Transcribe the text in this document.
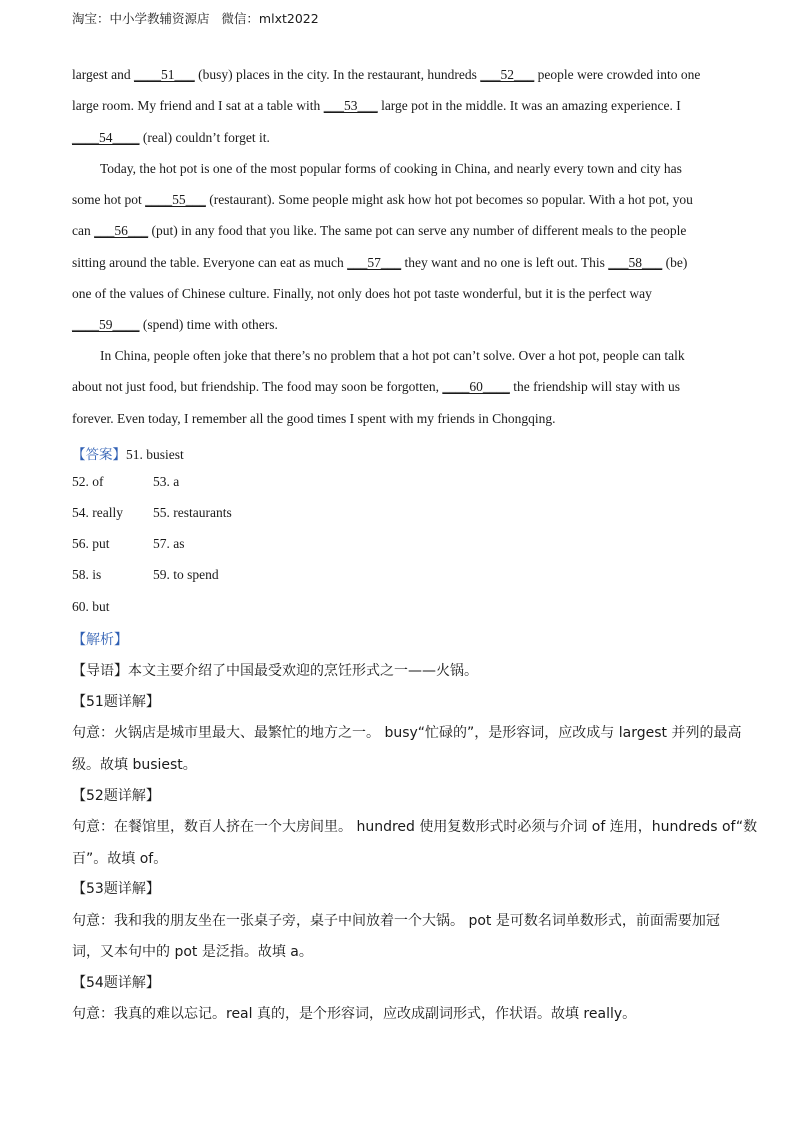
淘宝：中小学教辅资源店   微信：mlxt2022
largest and ____51___ (busy) places in the city. In the restaurant, hundreds ___52___ people were crowded into one
large room. My friend and I sat at a table with ___53___ large pot in the middle. It was an amazing experience. I
____54____ (real) couldn’t forget it.
Today, the hot pot is one of the most popular forms of cooking in China, and nearly every town and city has
some hot pot ____55___ (restaurant). Some people might ask how hot pot becomes so popular. With a hot pot, you
can ___56___ (put) in any food that you like. The same pot can serve any number of different meals to the people
sitting around the table. Everyone can eat as much ___57___ they want and no one is left out. This ___58___ (be)
one of the values of Chinese culture. Finally, not only does hot pot taste wonderful, but it is the perfect way
____59____ (spend) time with others.
In China, people often joke that there’s no problem that a hot pot can’t solve. Over a hot pot, people can talk
about not just food, but friendship. The food may soon be forgotten, ____60____ the friendship will stay with us
forever. Even today, I remember all the good times I spent with my friends in Chongqing.
【答案】51. busiest
52. of	53. a
54. really 55. restaurants
56. put	57. as
58. is	59. to spend
60. but
【解析】
【导语】本文主要介绍了中国最受欢迎的烹饪形式之一——火锅。
【51题详解】
句意：火锅店是城市里最大、最繁忙的地方之一。 busy“忙碌的”，是形容词，应改成与 largest 并列的最高
级。故填 busiest。
【52题详解】
句意：在餐馆里，数百人挤在一个大房间里。 hundred 使用复数形式时必须与介词 of 连用，hundreds of“数
百”。故填 of。
【53题详解】
句意：我和我的朋友坐在一张桌子旁，桌子中间放着一个大锅。 pot 是可数名词单数形式，前面需要加冠
词，又本句中的 pot 是泛指。故填 a。
【54题详解】
句意：我真的难以忘记。real 真的，是个形容词，应改成副词形式，作状语。故填 really。
